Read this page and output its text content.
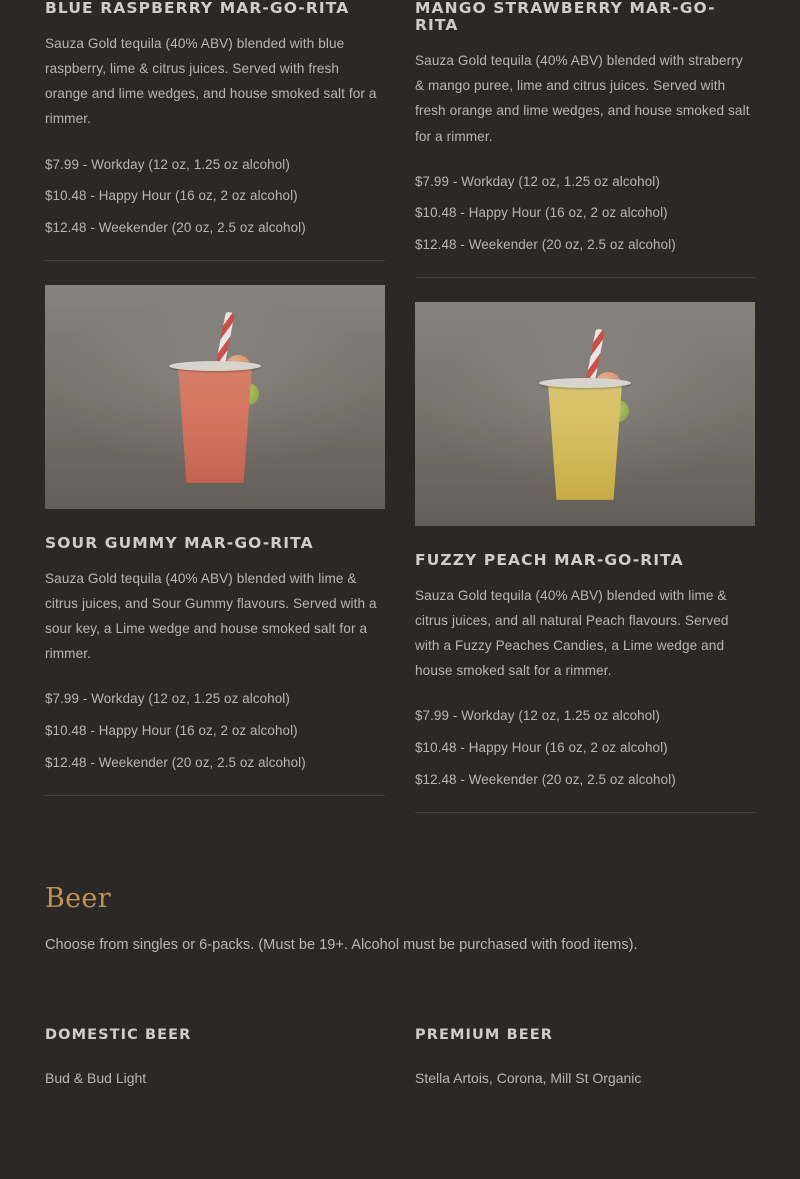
BLUE RASPBERRY MAR-GO-RITA

Sauza Gold tequila (40% ABV) blended with blue raspberry, lime & citrus juices. Served with fresh orange and lime wedges, and house smoked salt for a rimmer.

$7.99 - Workday (12 oz, 1.25 oz alcohol)

$10.48 - Happy Hour (16 oz, 2 oz alcohol)

$12.48 - Weekender (20 oz, 2.5 oz alcohol)

SOUR GUMMY MAR-GO-RITA

Sauza Gold tequila (40% ABV) blended with lime & citrus juices, and Sour Gummy flavours. Served with a sour key, a Lime wedge and house smoked salt for a rimmer.

$7.99 - Workday (12 oz, 1.25 oz alcohol)

$10.48 - Happy Hour (16 oz, 2 oz alcohol)

$12.48 - Weekender (20 oz, 2.5 oz alcohol)

MANGO STRAWBERRY MAR-GO-RITA

Sauza Gold tequila (40% ABV) blended with straberry & mango puree, lime and citrus juices. Served with fresh orange and lime wedges, and house smoked salt for a rimmer.

$7.99 - Workday (12 oz, 1.25 oz alcohol)

$10.48 - Happy Hour (16 oz, 2 oz alcohol)

$12.48 - Weekender (20 oz, 2.5 oz alcohol)

FUZZY PEACH MAR-GO-RITA

Sauza Gold tequila (40% ABV) blended with lime & citrus juices, and all natural Peach flavours. Served with a Fuzzy Peaches Candies, a Lime wedge and house smoked salt for a rimmer.

$7.99 - Workday (12 oz, 1.25 oz alcohol)

$10.48 - Happy Hour (16 oz, 2 oz alcohol)

$12.48 - Weekender (20 oz, 2.5 oz alcohol)

Beer

Choose from singles or 6-packs. (Must be 19+. Alcohol must be purchased with food items).

DOMESTIC BEER

Bud & Bud Light

PREMIUM BEER

Stella Artois, Corona, Mill St Organic
